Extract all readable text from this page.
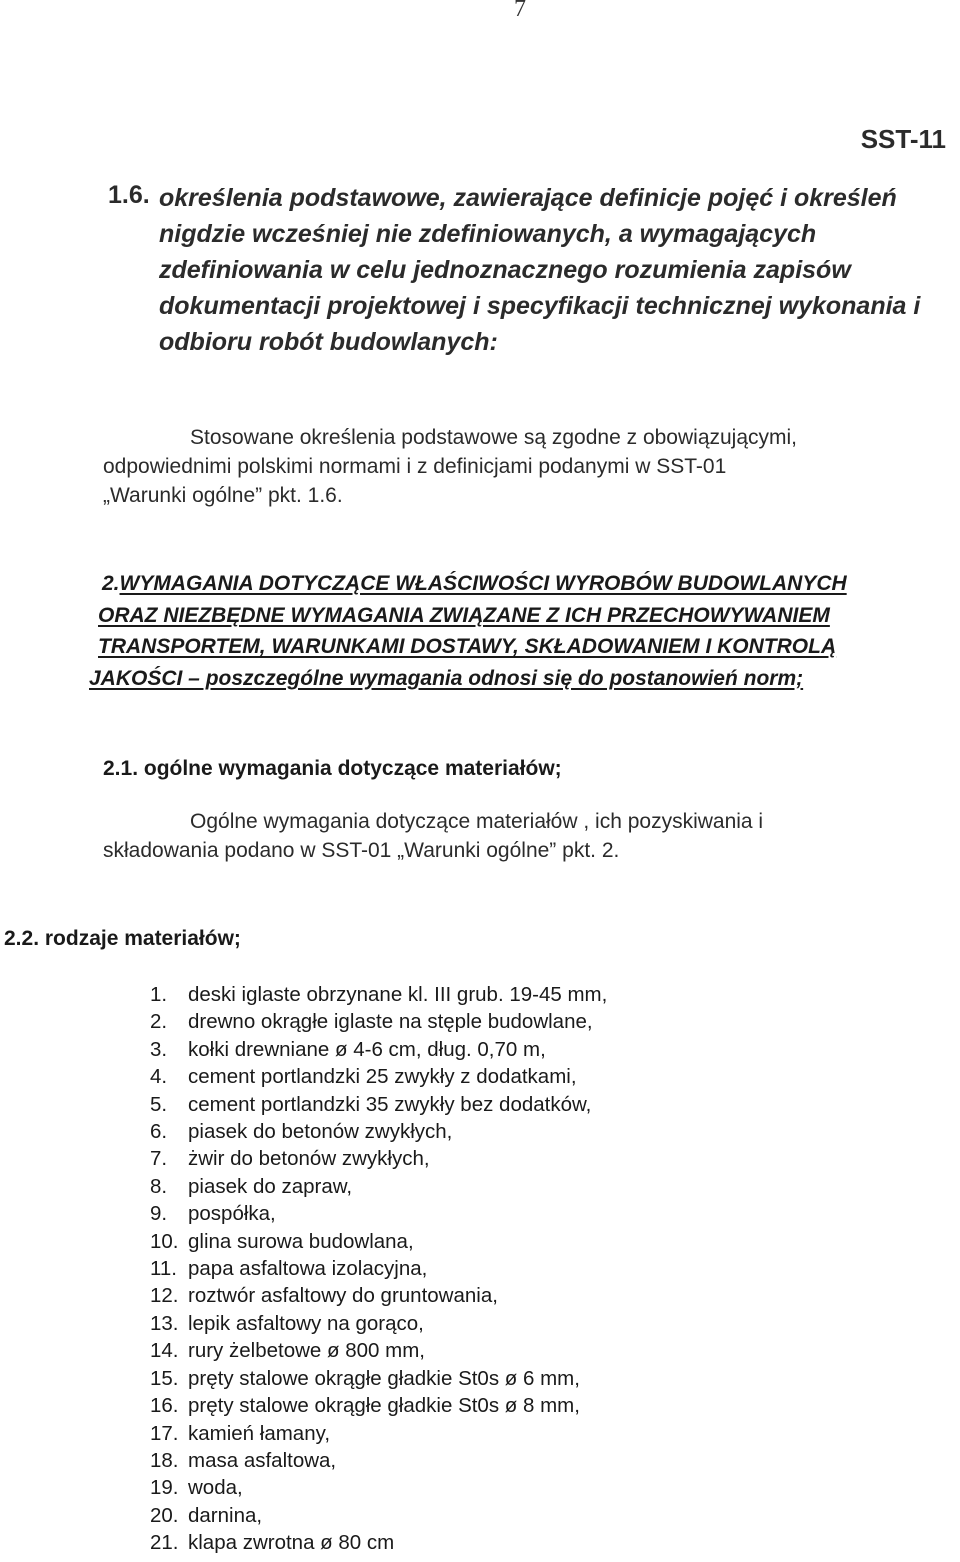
7
SST-11
1.6. określenia podstawowe, zawierające definicje pojęć i określeń
nigdzie wcześniej nie zdefiniowanych, a wymagających
zdefiniowania w celu jednoznacznego rozumienia zapisów
dokumentacji projektowej i specyfikacji technicznej wykonania i
odbioru robót budowlanych:
Stosowane określenia podstawowe są zgodne z obowiązującymi,
odpowiednimi polskimi normami i z definicjami podanymi w SST-01
„Warunki ogólne” pkt. 1.6.
2.WYMAGANIA DOTYCZĄCE WŁAŚCIWOŚCI WYROBÓW BUDOWLANYCH
ORAZ NIEZBĘDNE WYMAGANIA ZWIĄZANE Z ICH PRZECHOWYWANIEM
TRANSPORTEM, WARUNKAMI DOSTAWY, SKŁADOWANIEM I KONTROLĄ
JAKOŚCI – poszczególne wymagania odnosi się do postanowień norm;
2.1. ogólne wymagania dotyczące materiałów;
Ogólne wymagania dotyczące materiałów , ich pozyskiwania i
składowania podano w SST-01 „Warunki ogólne” pkt. 2.
2.2. rodzaje materiałów;
1. deski iglaste obrzynane kl. III grub. 19-45 mm,
2. drewno okrągłe iglaste na stęple budowlane,
3. kołki drewniane ø 4-6 cm, dług. 0,70 m,
4. cement portlandzki 25 zwykły z dodatkami,
5. cement portlandzki 35 zwykły bez dodatków,
6. piasek do betonów zwykłych,
7. żwir do betonów zwykłych,
8. piasek do zapraw,
9. pospółka,
10. glina surowa budowlana,
11. papa asfaltowa izolacyjna,
12. roztwór asfaltowy do gruntowania,
13. lepik asfaltowy na gorąco,
14. rury żelbetowe ø 800 mm,
15. pręty stalowe okrągłe gładkie St0s ø 6 mm,
16. pręty stalowe okrągłe gładkie St0s ø 8 mm,
17. kamień łamany,
18. masa asfaltowa,
19. woda,
20. darnina,
21. klapa zwrotna ø 80 cm
